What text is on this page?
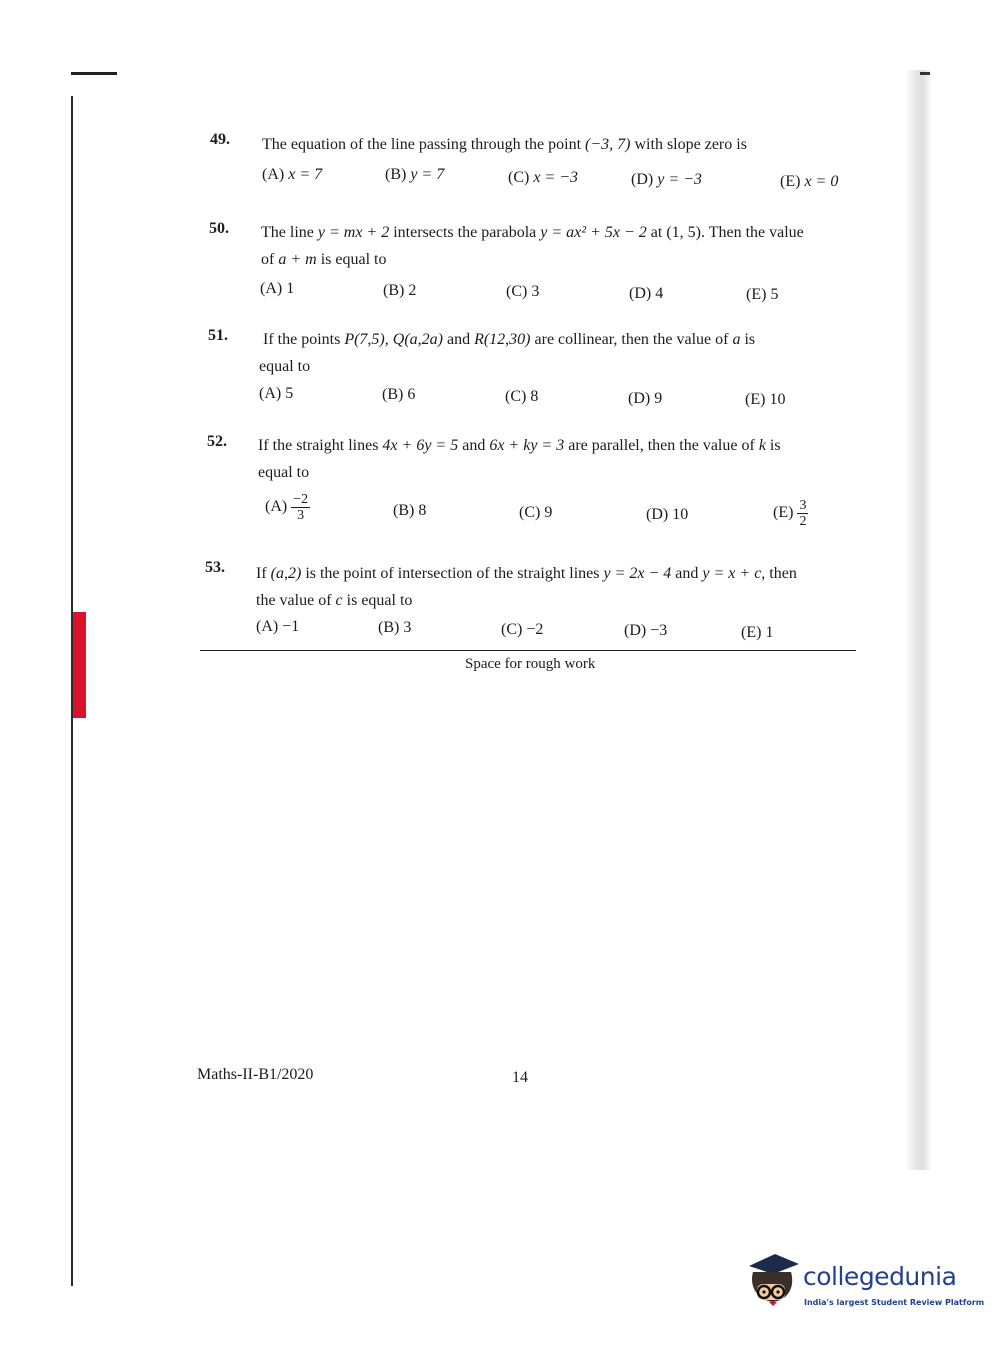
49. The equation of the line passing through the point (−3, 7) with slope zero is
(A) x = 7	(B) y = 7	(C) x = −3	(D) y = −3	(E) x = 0
50. The line y = mx + 2 intersects the parabola y = ax² + 5x − 2 at (1, 5). Then the value
of a + m is equal to
(A) 1	(B) 2	(C) 3	(D) 4	(E) 5
51. If the points P(7,5), Q(a,2a) and R(12,30) are collinear, then the value of a is
equal to
(A) 5	(B) 6	(C) 8	(D) 9	(E) 10
52. If the straight lines 4x + 6y = 5 and 6x + ky = 3 are parallel, then the value of k is
equal to
$(A) \frac{-2}{3}$	(B) 8	(C) 9	(D) 10	$(E) \frac{3}{2}$
53. If (a,2) is the point of intersection of the straight lines y = 2x − 4 and y = x + c, then
the value of c is equal to
(A) −1	(B) 3	(C) −2	(D) −3	(E) 1
Space for rough work
Maths-II-B1/2020	14
collegedunia
India's largest Student Review Platform
